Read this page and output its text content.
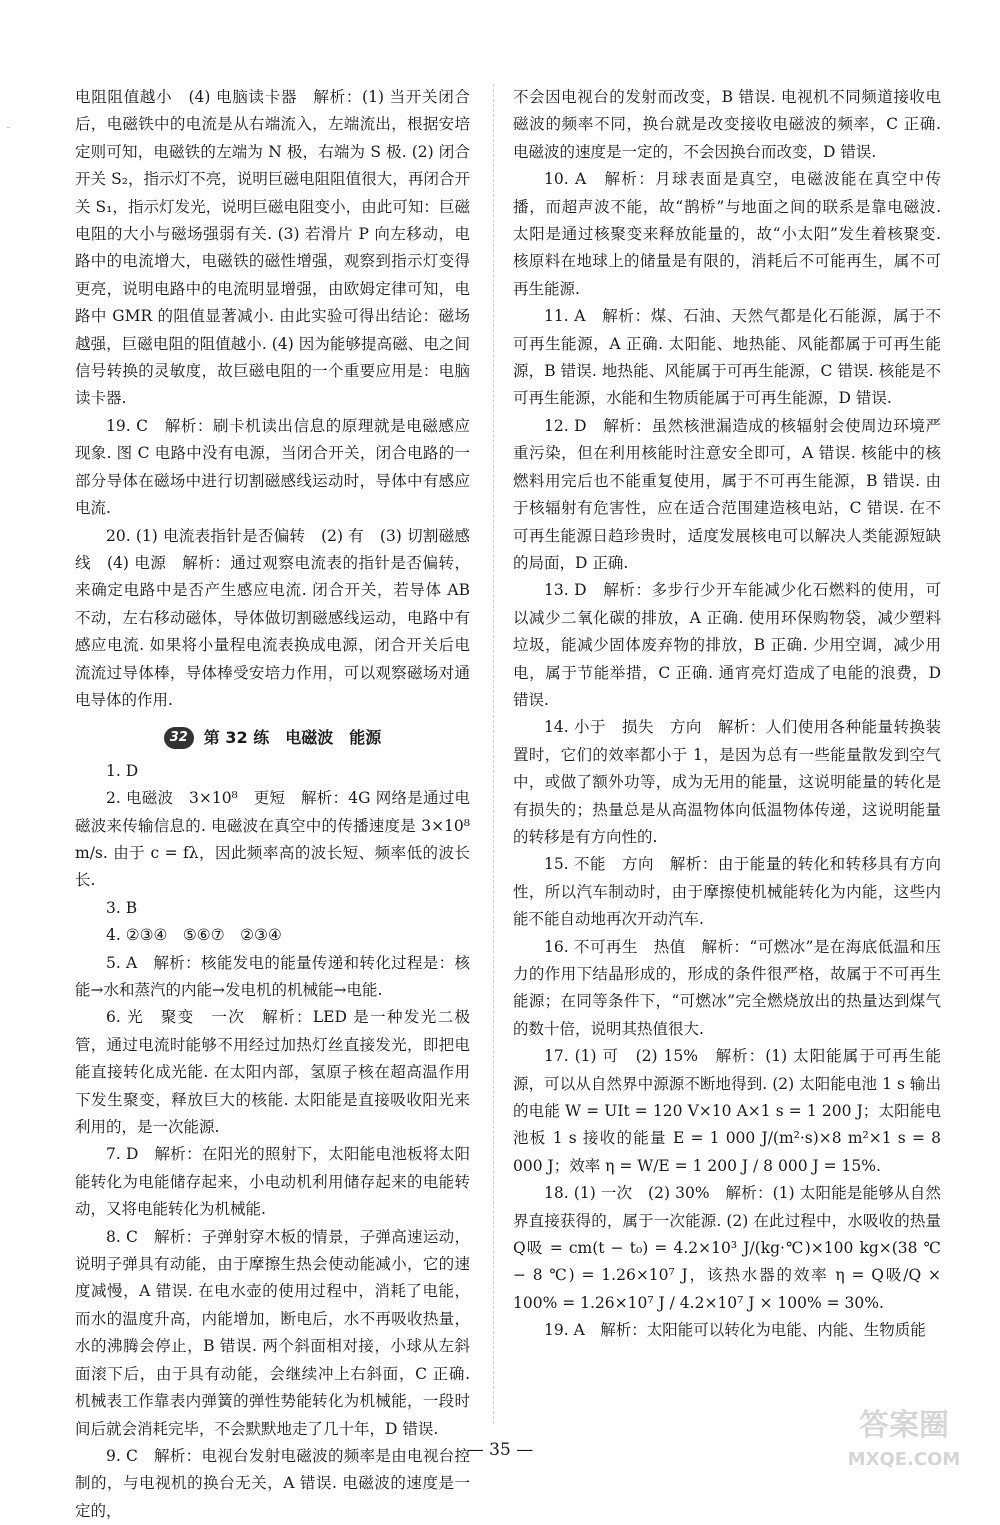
﹣

电阻阻值越小　(4) 电脑读卡器　解析：(1) 当开关闭合后，电磁铁中的电流是从右端流入，左端流出，根据安培定则可知，电磁铁的左端为 N 极，右端为 S 极. (2) 闭合开关 S₂，指示灯不亮，说明巨磁电阻阻值很大，再闭合开关 S₁，指示灯发光，说明巨磁电阻变小，由此可知：巨磁电阻的大小与磁场强弱有关. (3) 若滑片 P 向左移动，电路中的电流增大，电磁铁的磁性增强，观察到指示灯变得更亮，说明电路中的电流明显增强，由欧姆定律可知，电路中 GMR 的阻值显著减小. 由此实验可得出结论：磁场越强，巨磁电阻的阻值越小. (4) 因为能够提高磁、电之间信号转换的灵敏度，故巨磁电阻的一个重要应用是：电脑读卡器.

19. C　解析：刷卡机读出信息的原理就是电磁感应现象. 图 C 电路中没有电源，当闭合开关，闭合电路的一部分导体在磁场中进行切割磁感线运动时，导体中有感应电流.

20. (1) 电流表指针是否偏转　(2) 有　(3) 切割磁感线　(4) 电源　解析：通过观察电流表的指针是否偏转，来确定电路中是否产生感应电流. 闭合开关，若导体 AB 不动，左右移动磁体，导体做切割磁感线运动，电路中有感应电流. 如果将小量程电流表换成电源，闭合开关后电流流过导体棒，导体棒受安培力作用，可以观察磁场对通电导体的作用.

32 第 32 练　电磁波　能源

1. D

2. 电磁波　3×10⁸　更短　解析：4G 网络是通过电磁波来传输信息的. 电磁波在真空中的传播速度是 3×10⁸ m/s. 由于 c = fλ，因此频率高的波长短、频率低的波长长.

3. B

4. ②③④　⑤⑥⑦　②③④

5. A　解析：核能发电的能量传递和转化过程是：核能→水和蒸汽的内能→发电机的机械能→电能.

6. 光　聚变　一次　解析：LED 是一种发光二极管，通过电流时能够不用经过加热灯丝直接发光，即把电能直接转化成光能. 在太阳内部，氢原子核在超高温作用下发生聚变，释放巨大的核能. 太阳能是直接吸收阳光来利用的，是一次能源.

7. D　解析：在阳光的照射下，太阳能电池板将太阳能转化为电能储存起来，小电动机利用储存起来的电能转动，又将电能转化为机械能.

8. C　解析：子弹射穿木板的情景，子弹高速运动，说明子弹具有动能，由于摩擦生热会使动能减小，它的速度减慢，A 错误. 在电水壶的使用过程中，消耗了电能，而水的温度升高，内能增加，断电后，水不再吸收热量，水的沸腾会停止，B 错误. 两个斜面相对接，小球从左斜面滚下后，由于具有动能，会继续冲上右斜面，C 正确. 机械表工作靠表内弹簧的弹性势能转化为机械能，一段时间后就会消耗完毕，不会默默地走了几十年，D 错误.

9. C　解析：电视台发射电磁波的频率是由电视台控制的，与电视机的换台无关，A 错误. 电磁波的速度是一定的，

不会因电视台的发射而改变，B 错误. 电视机不同频道接收电磁波的频率不同，换台就是改变接收电磁波的频率，C 正确. 电磁波的速度是一定的，不会因换台而改变，D 错误.

10. A　解析：月球表面是真空，电磁波能在真空中传播，而超声波不能，故“鹊桥”与地面之间的联系是靠电磁波. 太阳是通过核聚变来释放能量的，故“小太阳”发生着核聚变. 核原料在地球上的储量是有限的，消耗后不可能再生，属不可再生能源.

11. A　解析：煤、石油、天然气都是化石能源，属于不可再生能源，A 正确. 太阳能、地热能、风能都属于可再生能源，B 错误. 地热能、风能属于可再生能源，C 错误. 核能是不可再生能源，水能和生物质能属于可再生能源，D 错误.

12. D　解析：虽然核泄漏造成的核辐射会使周边环境严重污染，但在利用核能时注意安全即可，A 错误. 核能中的核燃料用完后也不能重复使用，属于不可再生能源，B 错误. 由于核辐射有危害性，应在适合范围建造核电站，C 错误. 在不可再生能源日趋珍贵时，适度发展核电可以解决人类能源短缺的局面，D 正确.

13. D　解析：多步行少开车能减少化石燃料的使用，可以减少二氧化碳的排放，A 正确. 使用环保购物袋，减少塑料垃圾，能减少固体废弃物的排放，B 正确. 少用空调，减少用电，属于节能举措，C 正确. 通宵亮灯造成了电能的浪费，D 错误.

14. 小于　损失　方向　解析：人们使用各种能量转换装置时，它们的效率都小于 1，是因为总有一些能量散发到空气中，或做了额外功等，成为无用的能量，这说明能量的转化是有损失的；热量总是从高温物体向低温物体传递，这说明能量的转移是有方向性的.

15. 不能　方向　解析：由于能量的转化和转移具有方向性，所以汽车制动时，由于摩擦使机械能转化为内能，这些内能不能自动地再次开动汽车.

16. 不可再生　热值　解析：“可燃冰”是在海底低温和压力的作用下结晶形成的，形成的条件很严格，故属于不可再生能源；在同等条件下，“可燃冰”完全燃烧放出的热量达到煤气的数十倍，说明其热值很大.

17. (1) 可　(2) 15%　解析：(1) 太阳能属于可再生能源，可以从自然界中源源不断地得到. (2) 太阳能电池 1 s 输出的电能 W = UIt = 120 V×10 A×1 s = 1 200 J；太阳能电池板 1 s 接收的能量 E = 1 000 J/(m²·s)×8 m²×1 s = 8 000 J；效率 η = W/E = 1 200 J / 8 000 J = 15%.

18. (1) 一次　(2) 30%　解析：(1) 太阳能是能够从自然界直接获得的，属于一次能源. (2) 在此过程中，水吸收的热量 Q吸 = cm(t − t₀) = 4.2×10³ J/(kg·℃)×100 kg×(38 ℃ − 8 ℃) = 1.26×10⁷ J，该热水器的效率 η = Q吸/Q × 100% = 1.26×10⁷ J / 4.2×10⁷ J × 100% = 30%.

19. A　解析：太阳能可以转化为电能、内能、生物质能

— 35 —
答案圈
MXQE.COM
